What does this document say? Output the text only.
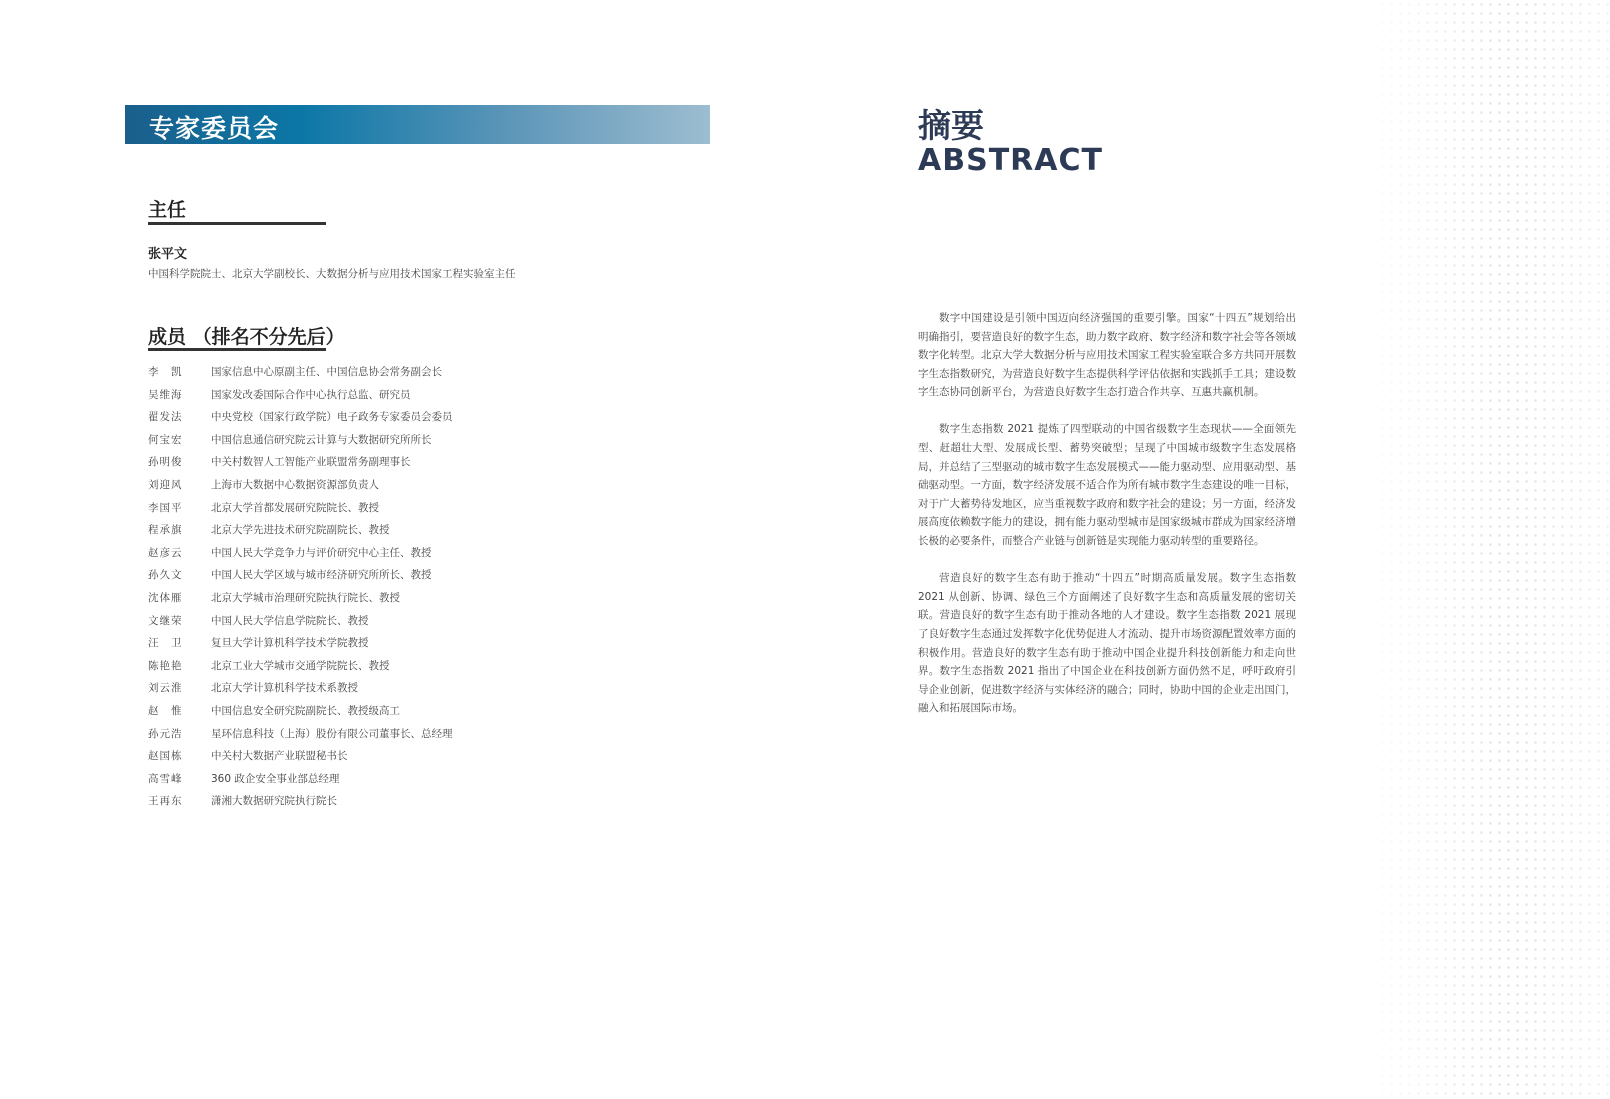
专家委员会
主任
张平文
中国科学院院士、北京大学副校长、大数据分析与应用技术国家工程实验室主任
成员 （排名不分先后）
李　凯	国家信息中心原副主任、中国信息协会常务副会长
吴维海	国家发改委国际合作中心执行总监、研究员
翟发法	中央党校（国家行政学院）电子政务专家委员会委员
何宝宏	中国信息通信研究院云计算与大数据研究所所长
孙明俊	中关村数智人工智能产业联盟常务副理事长
刘迎风	上海市大数据中心数据资源部负责人
李国平	北京大学首都发展研究院院长、教授
程承旗	北京大学先进技术研究院副院长、教授
赵彦云	中国人民大学竞争力与评价研究中心主任、教授
孙久文	中国人民大学区域与城市经济研究所所长、教授
沈体雁	北京大学城市治理研究院执行院长、教授
文继荣	中国人民大学信息学院院长、教授
汪　卫	复旦大学计算机科学技术学院教授
陈艳艳	北京工业大学城市交通学院院长、教授
刘云淮	北京大学计算机科学技术系教授
赵　惟	中国信息安全研究院副院长、教授级高工
孙元浩	星环信息科技（上海）股份有限公司董事长、总经理
赵国栋	中关村大数据产业联盟秘书长
高雪峰	360 政企安全事业部总经理
王再东	潇湘大数据研究院执行院长
摘要
ABSTRACT

数字中国建设是引领中国迈向经济强国的重要引擎。国家“十四五”规划给出明确指引，要营造良好的数字生态，助力数字政府、数字经济和数字社会等各领域数字化转型。北京大学大数据分析与应用技术国家工程实验室联合多方共同开展数字生态指数研究，为营造良好数字生态提供科学评估依据和实践抓手工具；建设数字生态协同创新平台，为营造良好数字生态打造合作共享、互惠共赢机制。

数字生态指数 2021 提炼了四型联动的中国省级数字生态现状——全面领先型、赶超壮大型、发展成长型、蓄势突破型；呈现了中国城市级数字生态发展格局，并总结了三型驱动的城市数字生态发展模式——能力驱动型、应用驱动型、基础驱动型。一方面，数字经济发展不适合作为所有城市数字生态建设的唯一目标，对于广大蓄势待发地区，应当重视数字政府和数字社会的建设；另一方面，经济发展高度依赖数字能力的建设，拥有能力驱动型城市是国家级城市群成为国家经济增长极的必要条件，而整合产业链与创新链是实现能力驱动转型的重要路径。

营造良好的数字生态有助于推动“十四五”时期高质量发展。数字生态指数 2021 从创新、协调、绿色三个方面阐述了良好数字生态和高质量发展的密切关联。营造良好的数字生态有助于推动各地的人才建设。数字生态指数 2021 展现了良好数字生态通过发挥数字化优势促进人才流动、提升市场资源配置效率方面的积极作用。营造良好的数字生态有助于推动中国企业提升科技创新能力和走向世界。数字生态指数 2021 指出了中国企业在科技创新方面仍然不足，呼吁政府引导企业创新，促进数字经济与实体经济的融合；同时，协助中国的企业走出国门，融入和拓展国际市场。
